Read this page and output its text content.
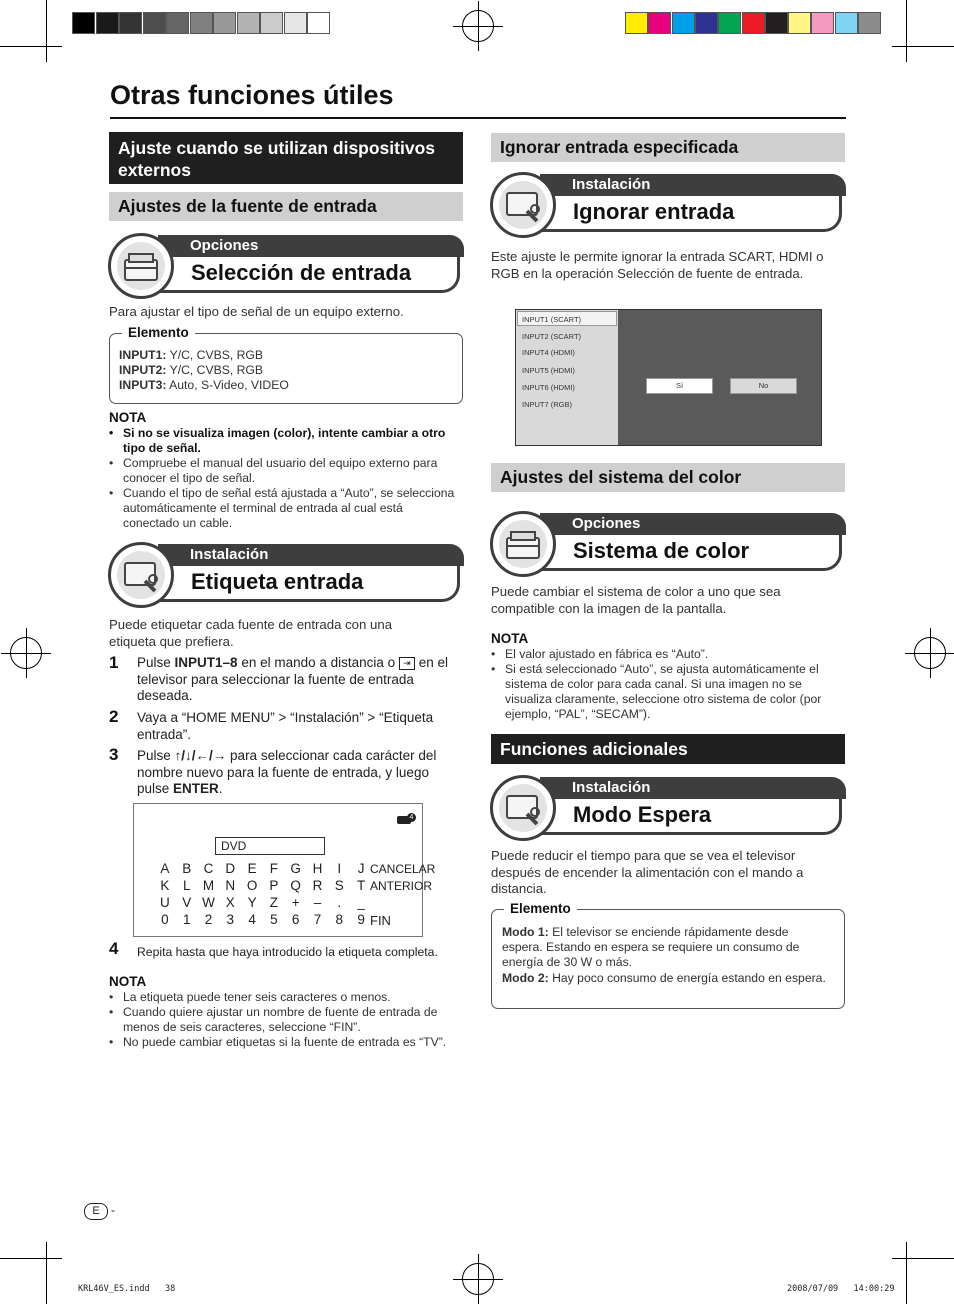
Otras funciones útiles
Ajuste cuando se utilizan dispositivos externos
Ajustes de la fuente de entrada
Opciones
Selección de entrada
Para ajustar el tipo de señal de un equipo externo.
Elemento
INPUT1: Y/C, CVBS, RGB
INPUT2: Y/C, CVBS, RGB
INPUT3: Auto, S-Video, VIDEO
NOTA
• Si no se visualiza imagen (color), intente cambiar a otro tipo de señal.
• Compruebe el manual del usuario del equipo externo para conocer el tipo de señal.
• Cuando el tipo de señal está ajustada a “Auto”, se selecciona automáticamente el terminal de entrada al cual está conectado un cable.
Instalación
Etiqueta entrada
Puede etiquetar cada fuente de entrada con una etiqueta que prefiera.
1 Pulse INPUT1–8 en el mando a distancia o ⇥ en el televisor para seleccionar la fuente de entrada deseada.
2 Vaya a “HOME MENU” > “Instalación” > “Etiqueta entrada”.
3 Pulse ↑/↓/←/→ para seleccionar cada carácter del nombre nuevo para la fuente de entrada, y luego pulse ENTER.
4
DVD
A B C D E F G H I J
K L M N O P Q R S T
U V W X Y Z + – . _
0 1 2 3 4 5 6 7 8 9
CANCELAR
ANTERIOR
FIN
4 Repita hasta que haya introducido la etiqueta completa.
NOTA
• La etiqueta puede tener seis caracteres o menos.
• Cuando quiere ajustar un nombre de fuente de entrada de menos de seis caracteres, seleccione “FIN”.
• No puede cambiar etiquetas si la fuente de entrada es “TV”.
Ignorar entrada especificada
Instalación
Ignorar entrada
Este ajuste le permite ignorar la entrada SCART, HDMI o RGB en la operación Selección de fuente de entrada.
INPUT1 (SCART)
INPUT2 (SCART)
INPUT4 (HDMI)
INPUT5 (HDMI)
INPUT6 (HDMI)
INPUT7 (RGB)
Sí	No
Ajustes del sistema del color
Opciones
Sistema de color
Puede cambiar el sistema de color a uno que sea compatible con la imagen de la pantalla.
NOTA
• El valor ajustado en fábrica es “Auto”.
• Si está seleccionado “Auto”, se ajusta automáticamente el sistema de color para cada canal. Si una imagen no se visualiza claramente, seleccione otro sistema de color (por ejemplo, “PAL”, “SECAM”).
Funciones adicionales
Instalación
Modo Espera
Puede reducir el tiempo para que se vea el televisor después de encender la alimentación con el mando a distancia.
Elemento
Modo 1: El televisor se enciende rápidamente desde espera. Estando en espera se requiere un consumo de energía de 30 W o más.
Modo 2: Hay poco consumo de energía estando en espera.
E -
KRL46V_ES.indd   38	2008/07/09   14:00:29
